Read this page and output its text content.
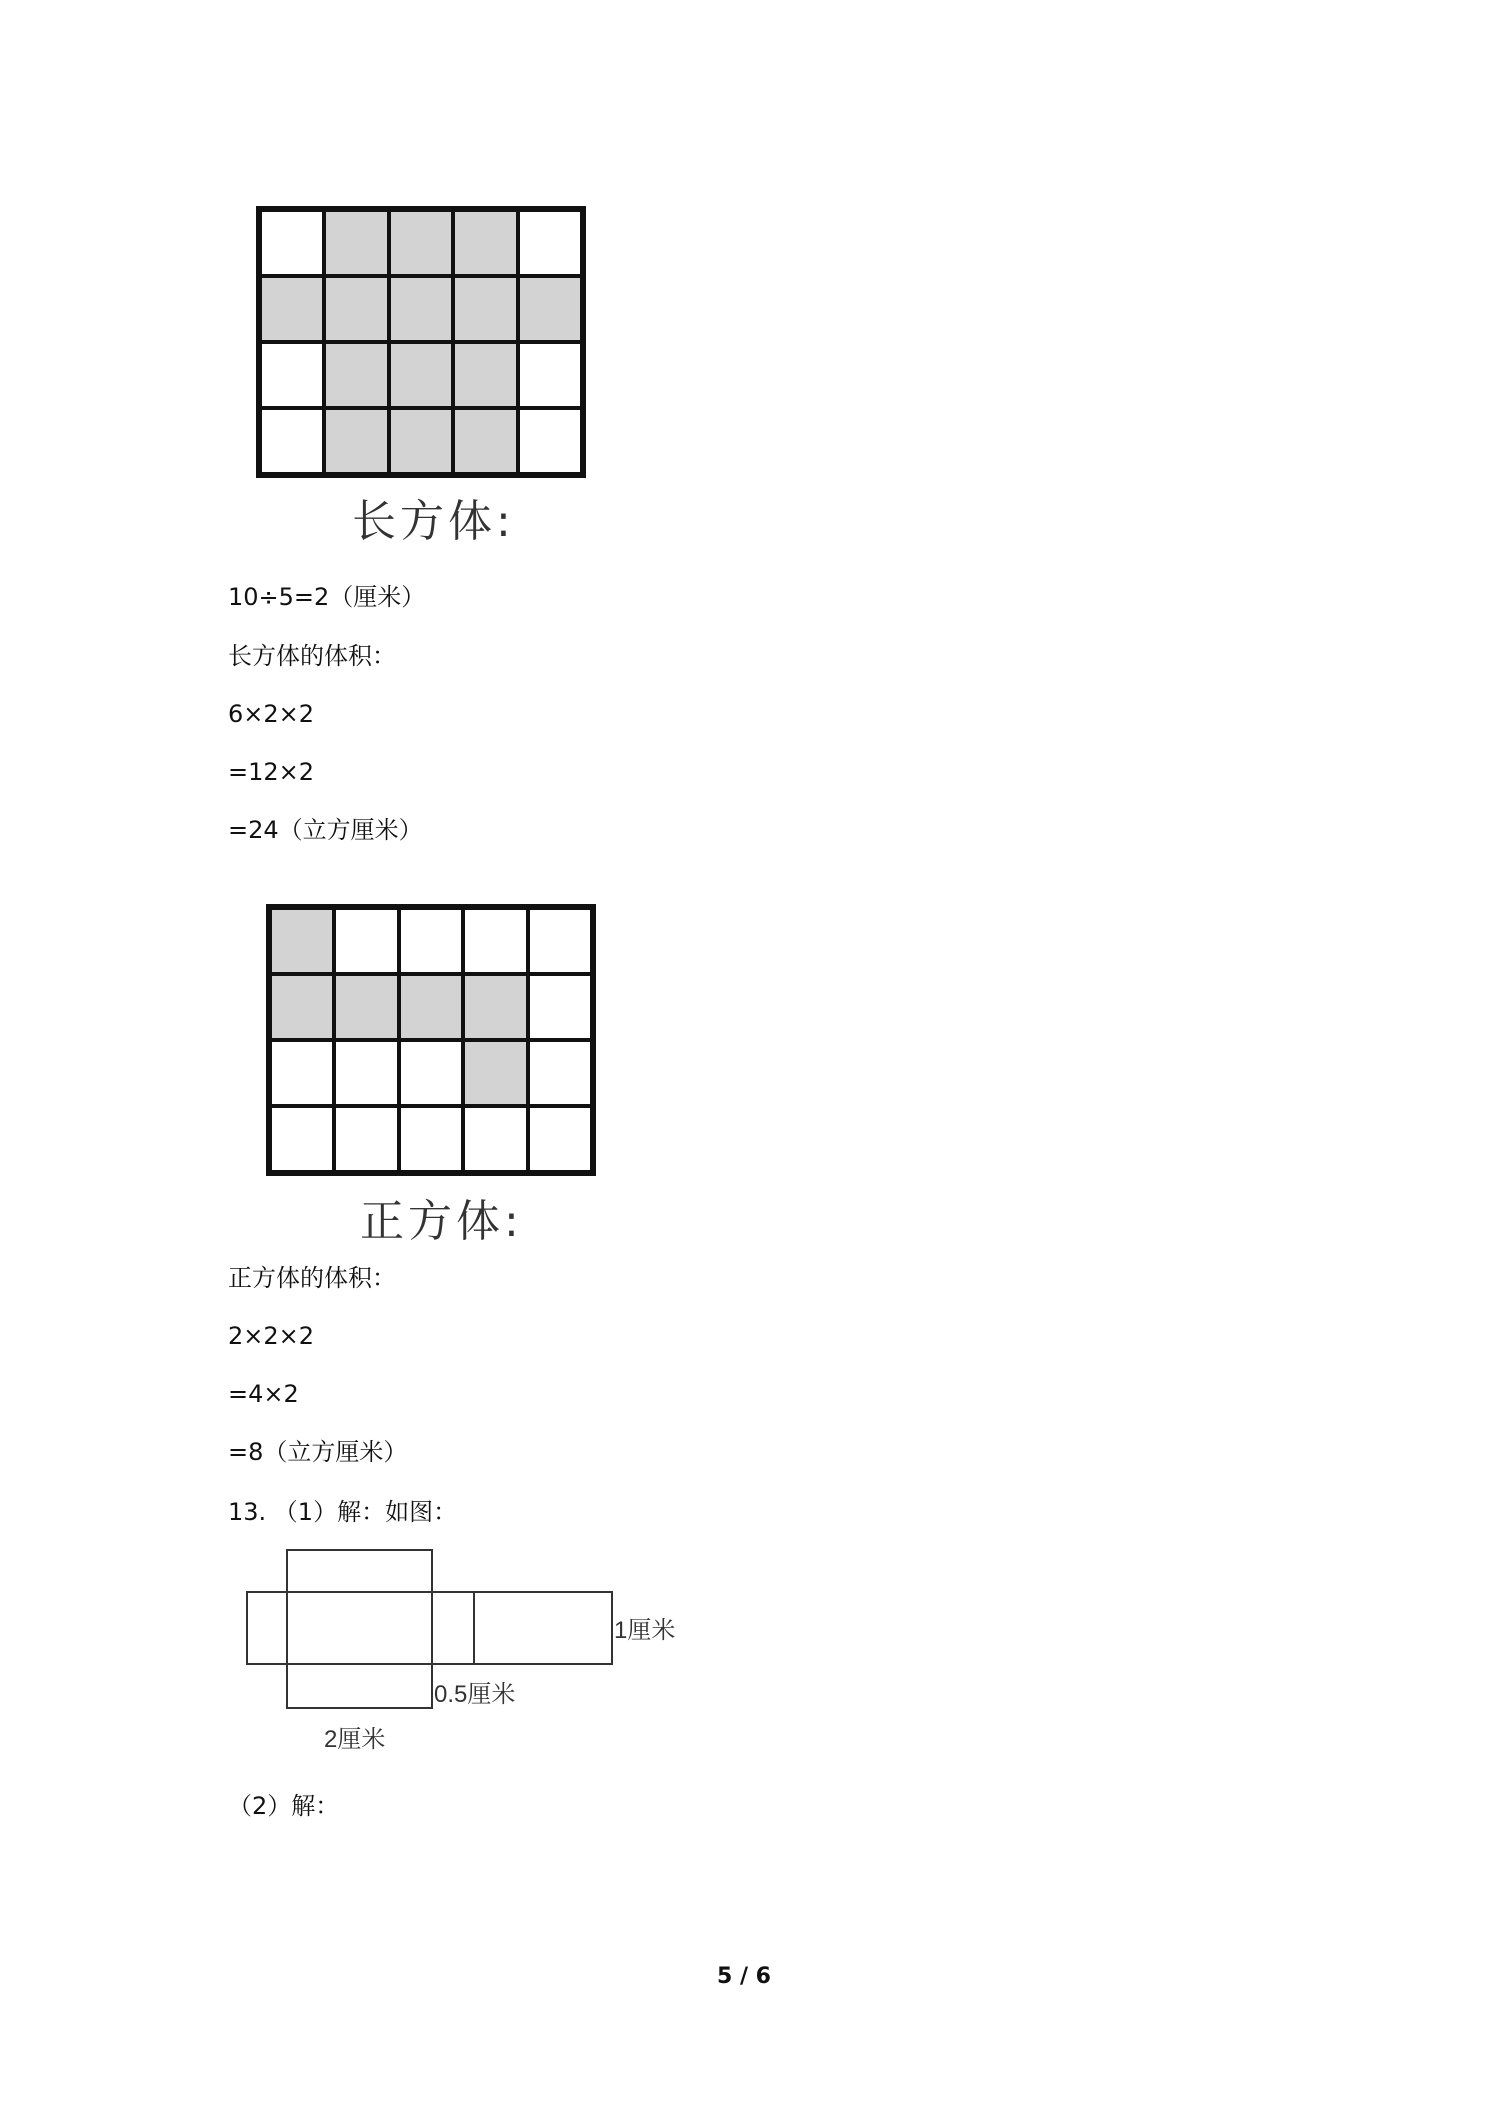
长方体:
10÷5=2（厘米）
长方体的体积：
6×2×2
=12×2
=24（立方厘米）
正方体:
正方体的体积：
2×2×2
=4×2
=8（立方厘米）
13. （1）解：如图：
1厘米
0.5厘米
2厘米
（2）解：
5 / 6
